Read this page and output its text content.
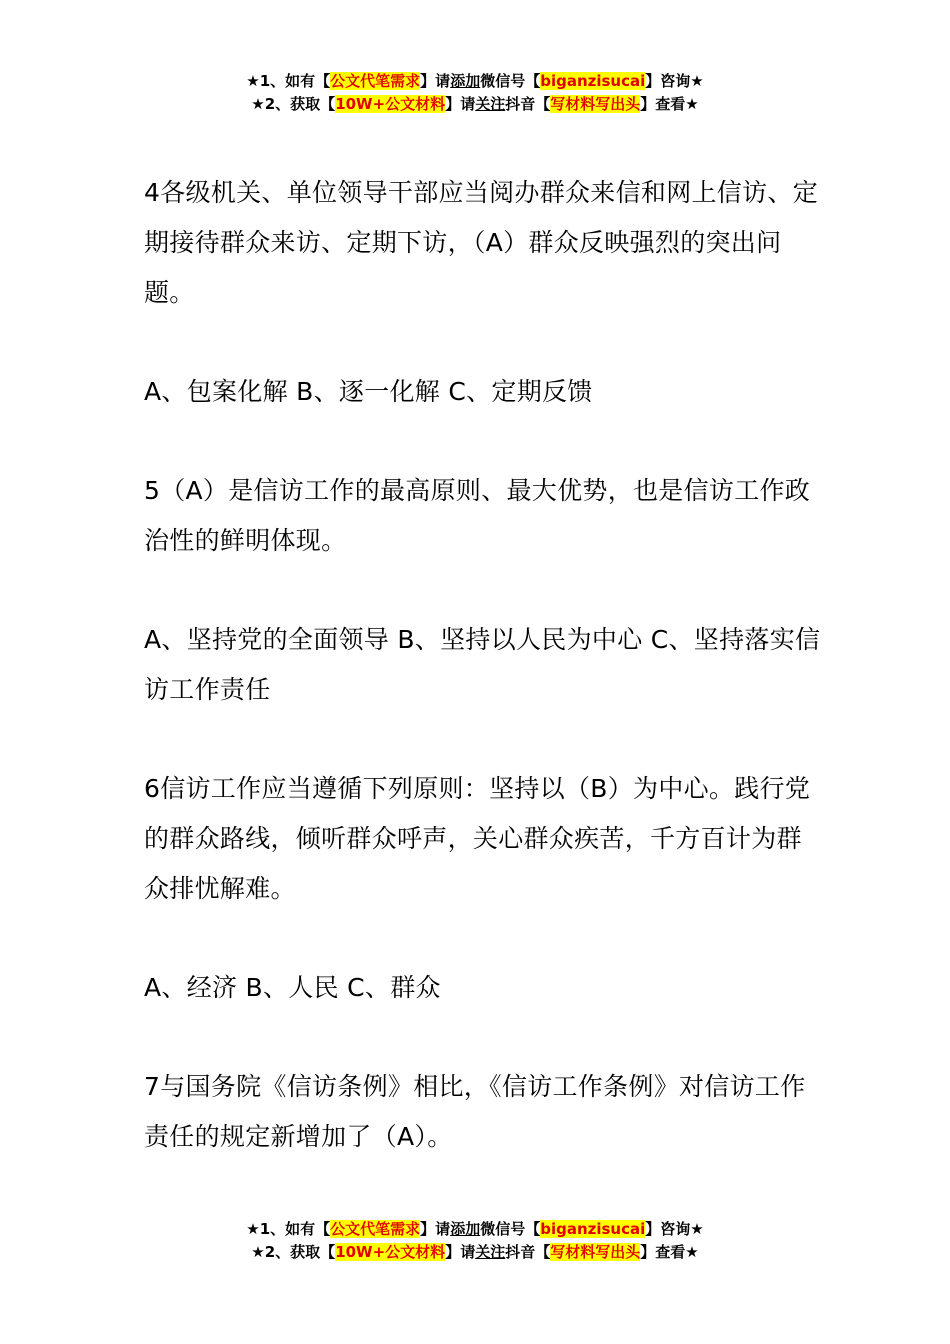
★1、如有【公文代笔需求】请添加微信号【biganzisucai】咨询★
★2、获取【10W+公文材料】请关注抖音【写材料写出头】查看★

4各级机关、单位领导干部应当阅办群众来信和网上信访、定期接待群众来访、定期下访，（A）群众反映强烈的突出问题。

A、包案化解 B、逐一化解 C、定期反馈

5（A）是信访工作的最高原则、最大优势，也是信访工作政治性的鲜明体现。

A、坚持党的全面领导 B、坚持以人民为中心 C、坚持落实信访工作责任

6信访工作应当遵循下列原则：坚持以（B）为中心。践行党的群众路线，倾听群众呼声，关心群众疾苦，千方百计为群众排忧解难。

A、经济 B、人民 C、群众

7与国务院《信访条例》相比，《信访工作条例》对信访工作责任的规定新增加了（A）。

★1、如有【公文代笔需求】请添加微信号【biganzisucai】咨询★
★2、获取【10W+公文材料】请关注抖音【写材料写出头】查看★
